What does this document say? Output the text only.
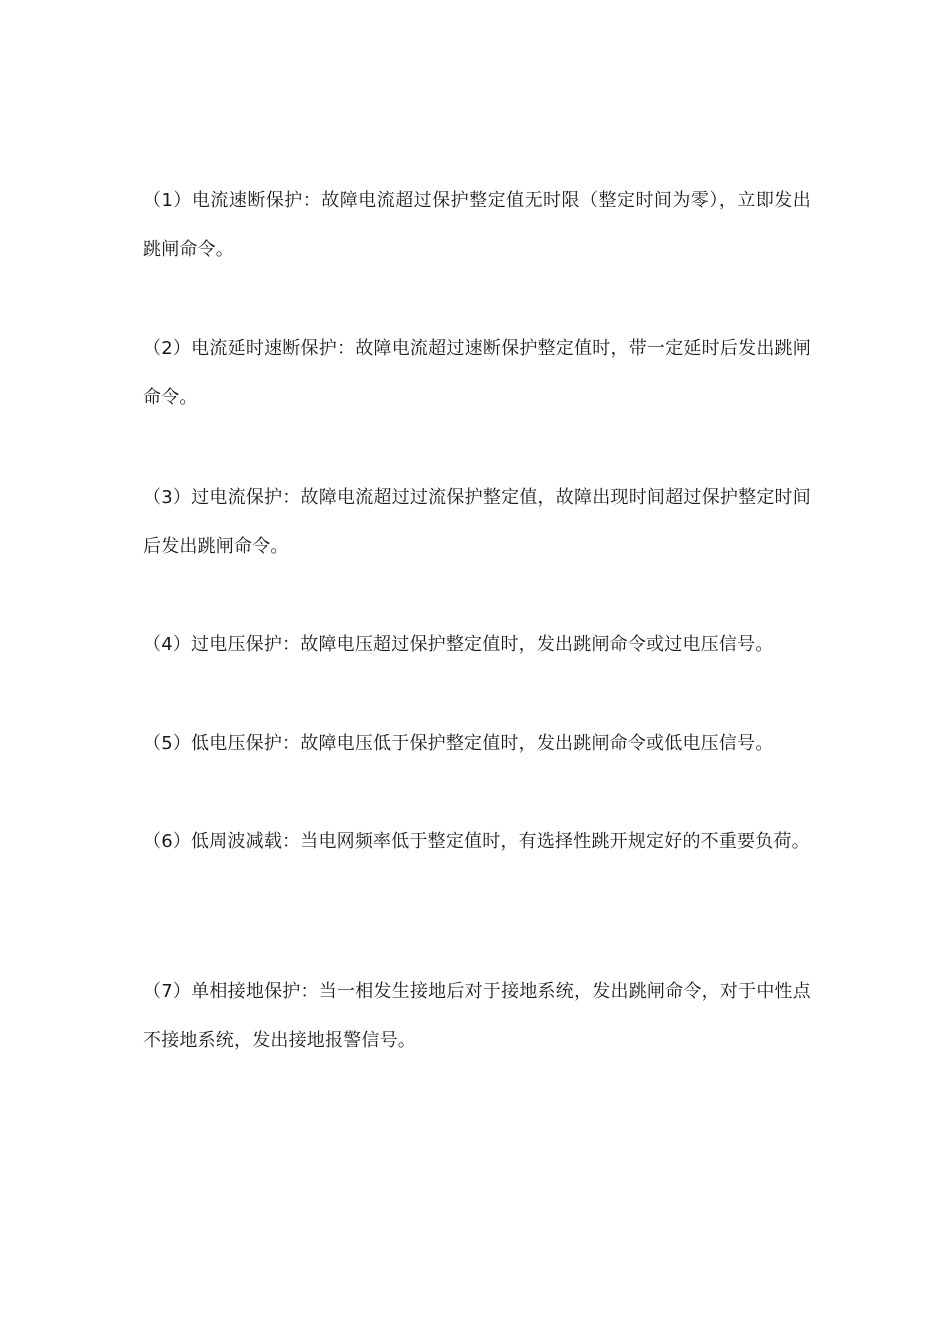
（1）电流速断保护：故障电流超过保护整定值无时限（整定时间为零），立即发出跳闸命令。

（2）电流延时速断保护：故障电流超过速断保护整定值时，带一定延时后发出跳闸命令。

（3）过电流保护：故障电流超过过流保护整定值，故障出现时间超过保护整定时间后发出跳闸命令。

（4）过电压保护：故障电压超过保护整定值时，发出跳闸命令或过电压信号。

（5）低电压保护：故障电压低于保护整定值时，发出跳闸命令或低电压信号。

（6）低周波减载：当电网频率低于整定值时，有选择性跳开规定好的不重要负荷。

（7）单相接地保护：当一相发生接地后对于接地系统，发出跳闸命令，对于中性点不接地系统，发出接地报警信号。
